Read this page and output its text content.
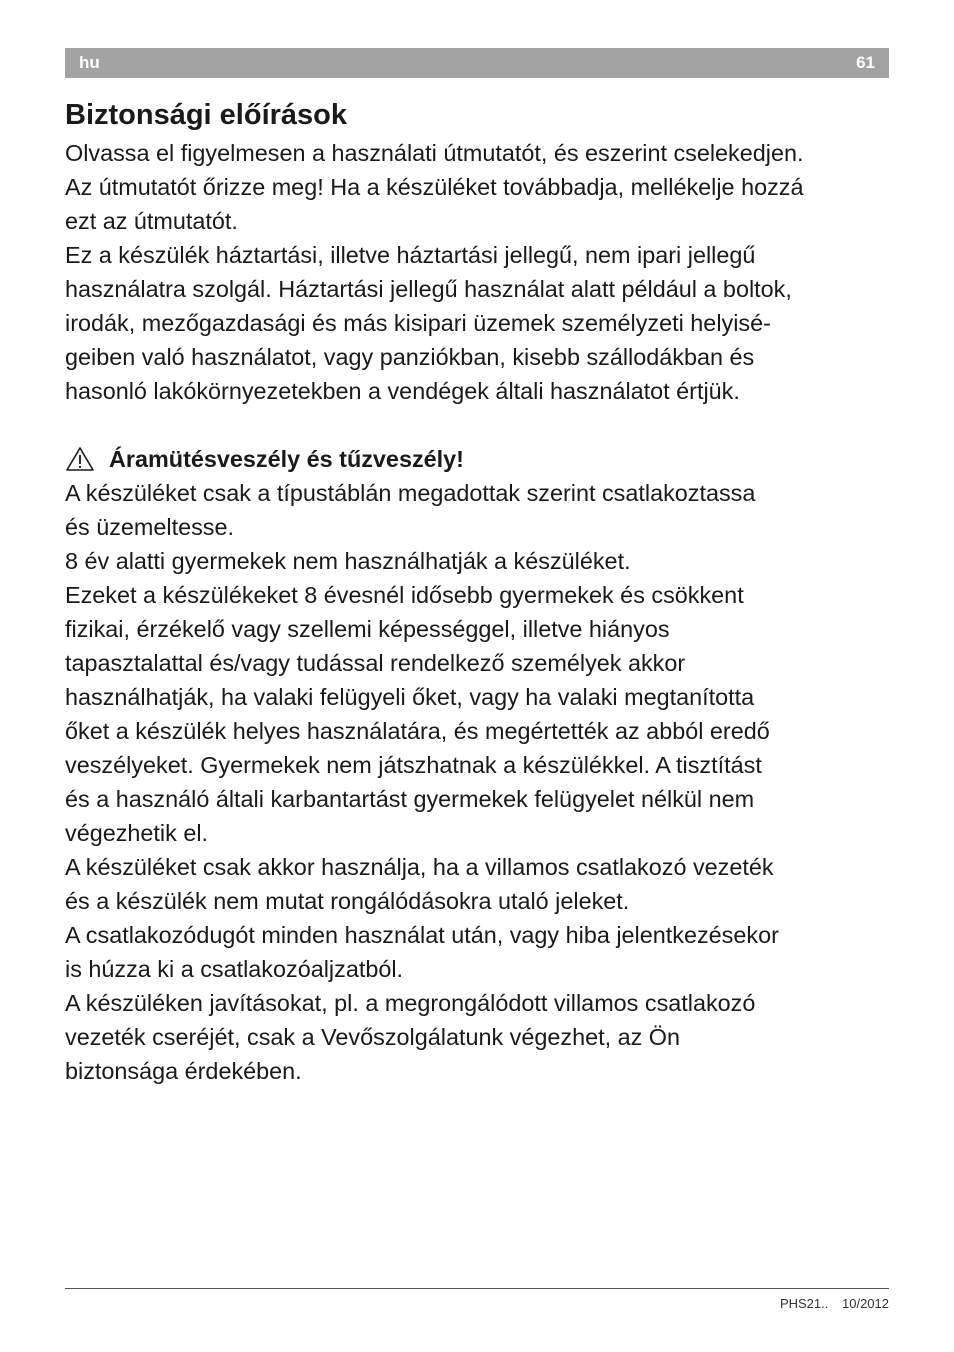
hu	61
Biztonsági előírások

Olvassa el figyelmesen a használati útmutatót, és eszerint cselekedjen.
Az útmutatót őrizze meg! Ha a készüléket továbbadja, mellékelje hozzá
ezt az útmutatót.

Ez a készülék háztartási, illetve háztartási jellegű, nem ipari jellegű
használatra szolgál. Háztartási jellegű használat alatt például a boltok,
irodák, mezőgazdasági és más kisipari üzemek személyzeti helyisé-
geiben való használatot, vagy panziókban, kisebb szállodákban és
hasonló lakókörnyezetekben a vendégek általi használatot értjük.

Áramütésveszély és tűzveszély!

A készüléket csak a típustáblán megadottak szerint csatlakoztassa
és üzemeltesse.

8 év alatti gyermekek nem használhatják a készüléket.

Ezeket a készülékeket 8 évesnél idősebb gyermekek és csökkent
fizikai, érzékelő vagy szellemi képességgel, illetve hiányos
tapasztalattal és/vagy tudással rendelkező személyek akkor
használhatják, ha valaki felügyeli őket, vagy ha valaki megtanította
őket a készülék helyes használatára, és megértették az abból eredő
veszélyeket. Gyermekek nem játszhatnak a készülékkel. A tisztítást
és a használó általi karbantartást gyermekek felügyelet nélkül nem
végezhetik el.

A készüléket csak akkor használja, ha a villamos csatlakozó vezeték
és a készülék nem mutat rongálódásokra utaló jeleket.

A csatlakozódugót minden használat után, vagy hiba jelentkezésekor
is húzza ki a csatlakozóaljzatból.

A készüléken javításokat, pl. a megrongálódott villamos csatlakozó
vezeték cseréjét, csak a Vevőszolgálatunk végezhet, az Ön
biztonsága érdekében.

PHS21.. 10/2012
